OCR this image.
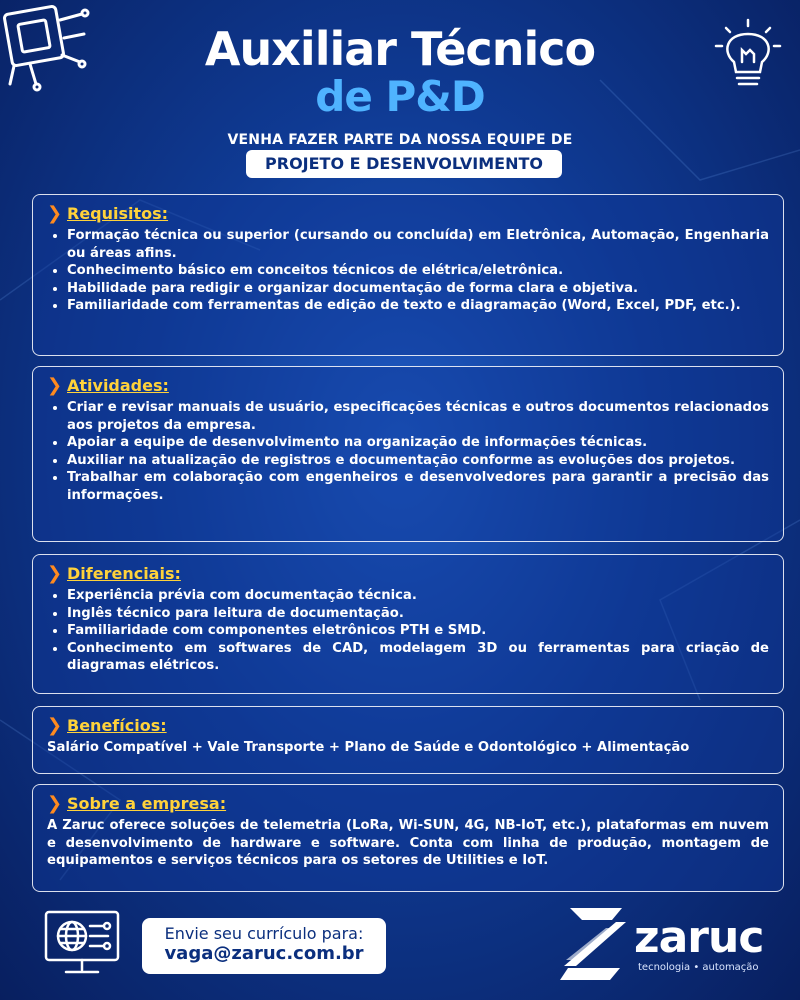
Auxiliar Técnico
de P&D
VENHA FAZER PARTE DA NOSSA EQUIPE DE
PROJETO E DESENVOLVIMENTO
❯ Requisitos:
• Formação técnica ou superior (cursando ou concluída) em Eletrônica, Automação, Engenharia ou áreas afins.
• Conhecimento básico em conceitos técnicos de elétrica/eletrônica.
• Habilidade para redigir e organizar documentação de forma clara e objetiva.
• Familiaridade com ferramentas de edição de texto e diagramação (Word, Excel, PDF, etc.).
❯ Atividades:
• Criar e revisar manuais de usuário, especificações técnicas e outros documentos relacionados aos projetos da empresa.
• Apoiar a equipe de desenvolvimento na organização de informações técnicas.
• Auxiliar na atualização de registros e documentação conforme as evoluções dos projetos.
• Trabalhar em colaboração com engenheiros e desenvolvedores para garantir a precisão das informações.
❯ Diferenciais:
• Experiência prévia com documentação técnica.
• Inglês técnico para leitura de documentação.
• Familiaridade com componentes eletrônicos PTH e SMD.
• Conhecimento em softwares de CAD, modelagem 3D ou ferramentas para criação de diagramas elétricos.
❯ Benefícios:
Salário Compatível + Vale Transporte + Plano de Saúde e Odontológico + Alimentação
❯ Sobre a empresa:
A Zaruc oferece soluções de telemetria (LoRa, Wi-SUN, 4G, NB-IoT, etc.), plataformas em nuvem e desenvolvimento de hardware e software. Conta com linha de produção, montagem de equipamentos e serviços técnicos para os setores de Utilities e IoT.
Envie seu currículo para:
vaga@zaruc.com.br	zaruc
tecnologia • automação
